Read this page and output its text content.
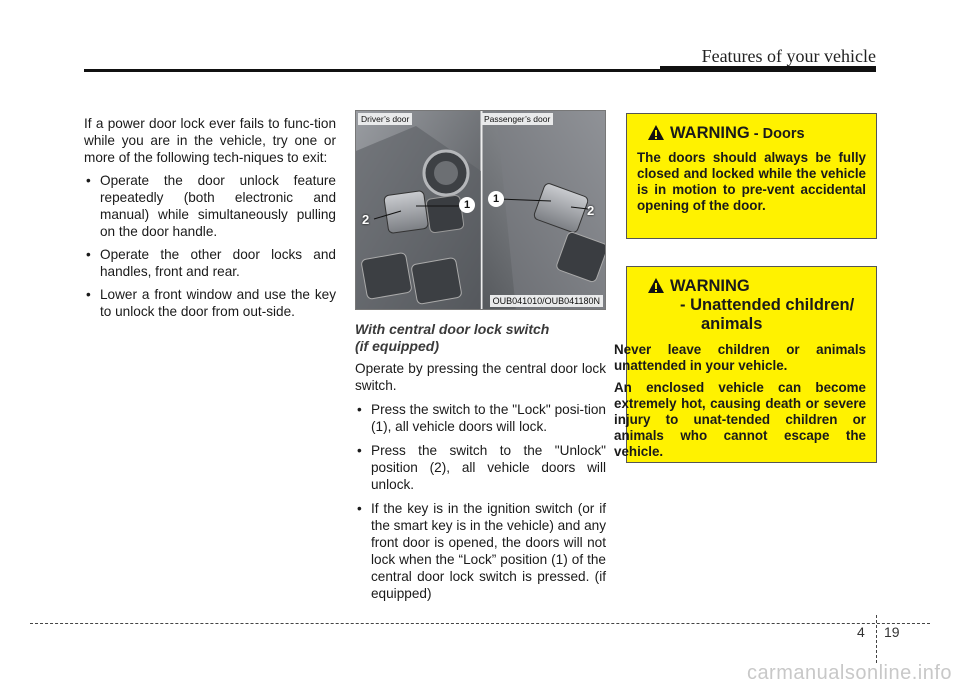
Features of your vehicle

If a power door lock ever fails to func-tion while you are in the vehicle, try one or more of the following tech-niques to exit:

• Operate the door unlock feature repeatedly (both electronic and manual) while simultaneously pulling on the door handle.
• Operate the other door locks and handles, front and rear.
• Lower a front window and use the key to unlock the door from out-side.
Driver’s door	Passenger’s door
1
2
1
2
OUB041010/OUB041180N
With central door lock switch
(if equipped)

Operate by pressing the central door lock switch.

• Press the switch to the "Lock" posi-tion (1), all vehicle doors will lock.
• Press the switch to the "Unlock" position (2), all vehicle doors will unlock.
• If the key is in the ignition switch (or if the smart key is in the vehicle) and any front door is opened, the doors will not lock when the “Lock” position (1) of the central door lock switch is pressed. (if equipped)
WARNING - Doors
The doors should always be fully closed and locked while the vehicle is in motion to pre-vent accidental opening of the door.
WARNING
- Unattended children/
animals

Never leave children or animals unattended in your vehicle.

An enclosed vehicle can become extremely hot, causing death or severe injury to unat-tended children or animals who cannot escape the vehicle.

4 19
carmanualsonline.info
